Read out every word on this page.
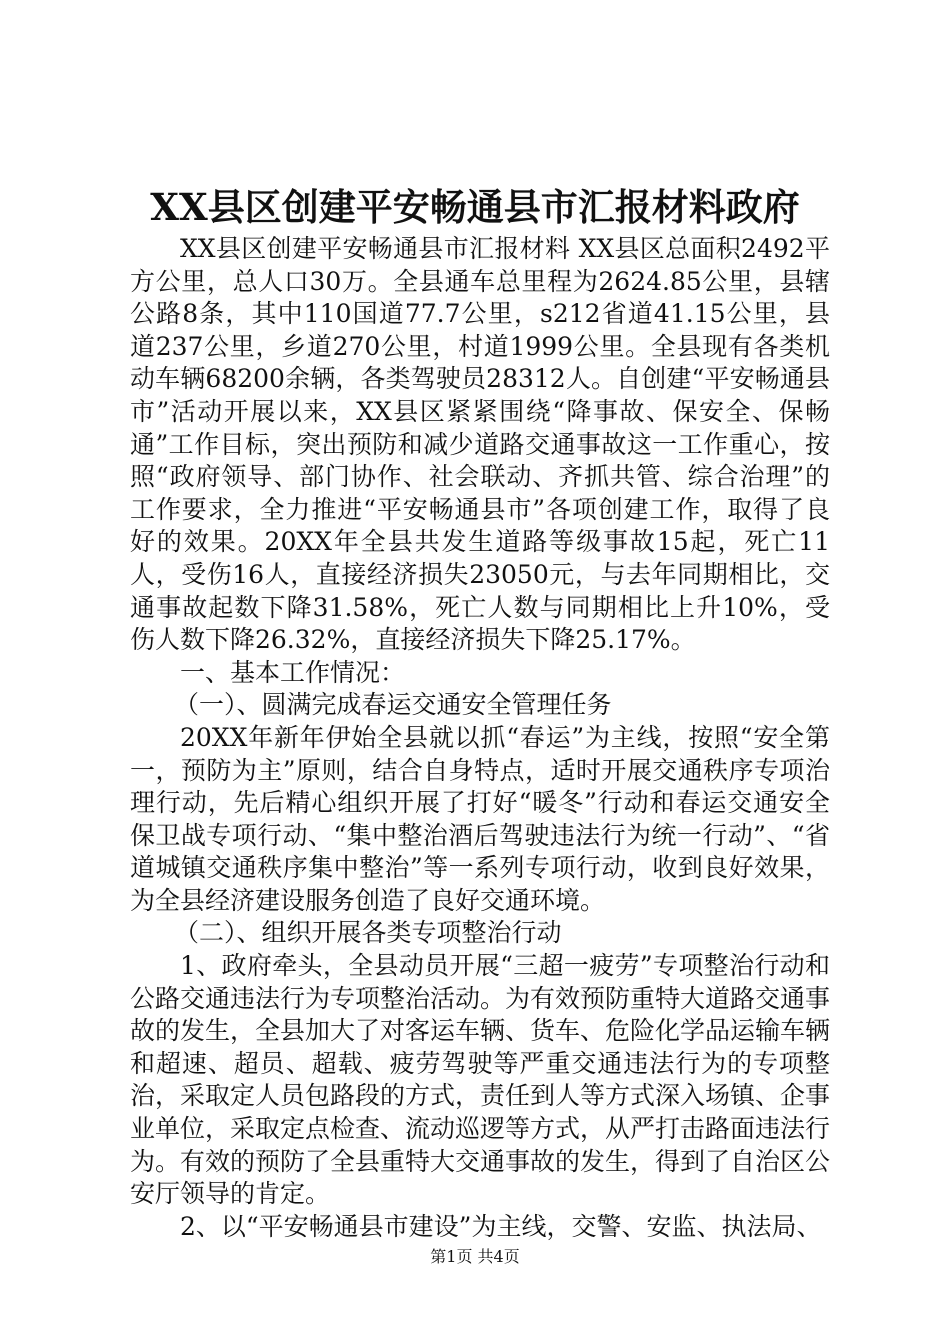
XX县区创建平安畅通县市汇报材料政府

XX县区创建平安畅通县市汇报材料 XX县区总面积2492平方公里，总人口30万。全县通车总里程为2624.85公里，县辖公路8条，其中110国道77.7公里，s212省道41.15公里，县道237公里，乡道270公里，村道1999公里。全县现有各类机动车辆68200余辆，各类驾驶员28312人。自创建“平安畅通县市”活动开展以来，XX县区紧紧围绕“降事故、保安全、保畅通”工作目标，突出预防和减少道路交通事故这一工作重心，按照“政府领导、部门协作、社会联动、齐抓共管、综合治理”的工作要求，全力推进“平安畅通县市”各项创建工作，取得了良好的效果。20XX年全县共发生道路等级事故15起，死亡11人，受伤16人，直接经济损失23050元，与去年同期相比，交通事故起数下降31.58%，死亡人数与同期相比上升10%，受伤人数下降26.32%，直接经济损失下降25.17%。

一、基本工作情况：

（一）、圆满完成春运交通安全管理任务

20XX年新年伊始全县就以抓“春运”为主线，按照“安全第一，预防为主”原则，结合自身特点，适时开展交通秩序专项治理行动，先后精心组织开展了打好“暖冬”行动和春运交通安全保卫战专项行动、“集中整治酒后驾驶违法行为统一行动”、“省道城镇交通秩序集中整治”等一系列专项行动，收到良好效果，为全县经济建设服务创造了良好交通环境。

（二）、组织开展各类专项整治行动

1、政府牵头，全县动员开展“三超一疲劳”专项整治行动和公路交通违法行为专项整治活动。为有效预防重特大道路交通事故的发生，全县加大了对客运车辆、货车、危险化学品运输车辆和超速、超员、超载、疲劳驾驶等严重交通违法行为的专项整治，采取定人员包路段的方式，责任到人等方式深入场镇、企事业单位，采取定点检查、流动巡逻等方式，从严打击路面违法行为。有效的预防了全县重特大交通事故的发生，得到了自治区公安厅领导的肯定。

2、以“平安畅通县市建设”为主线，交警、安监、执法局、

第1页 共4页
